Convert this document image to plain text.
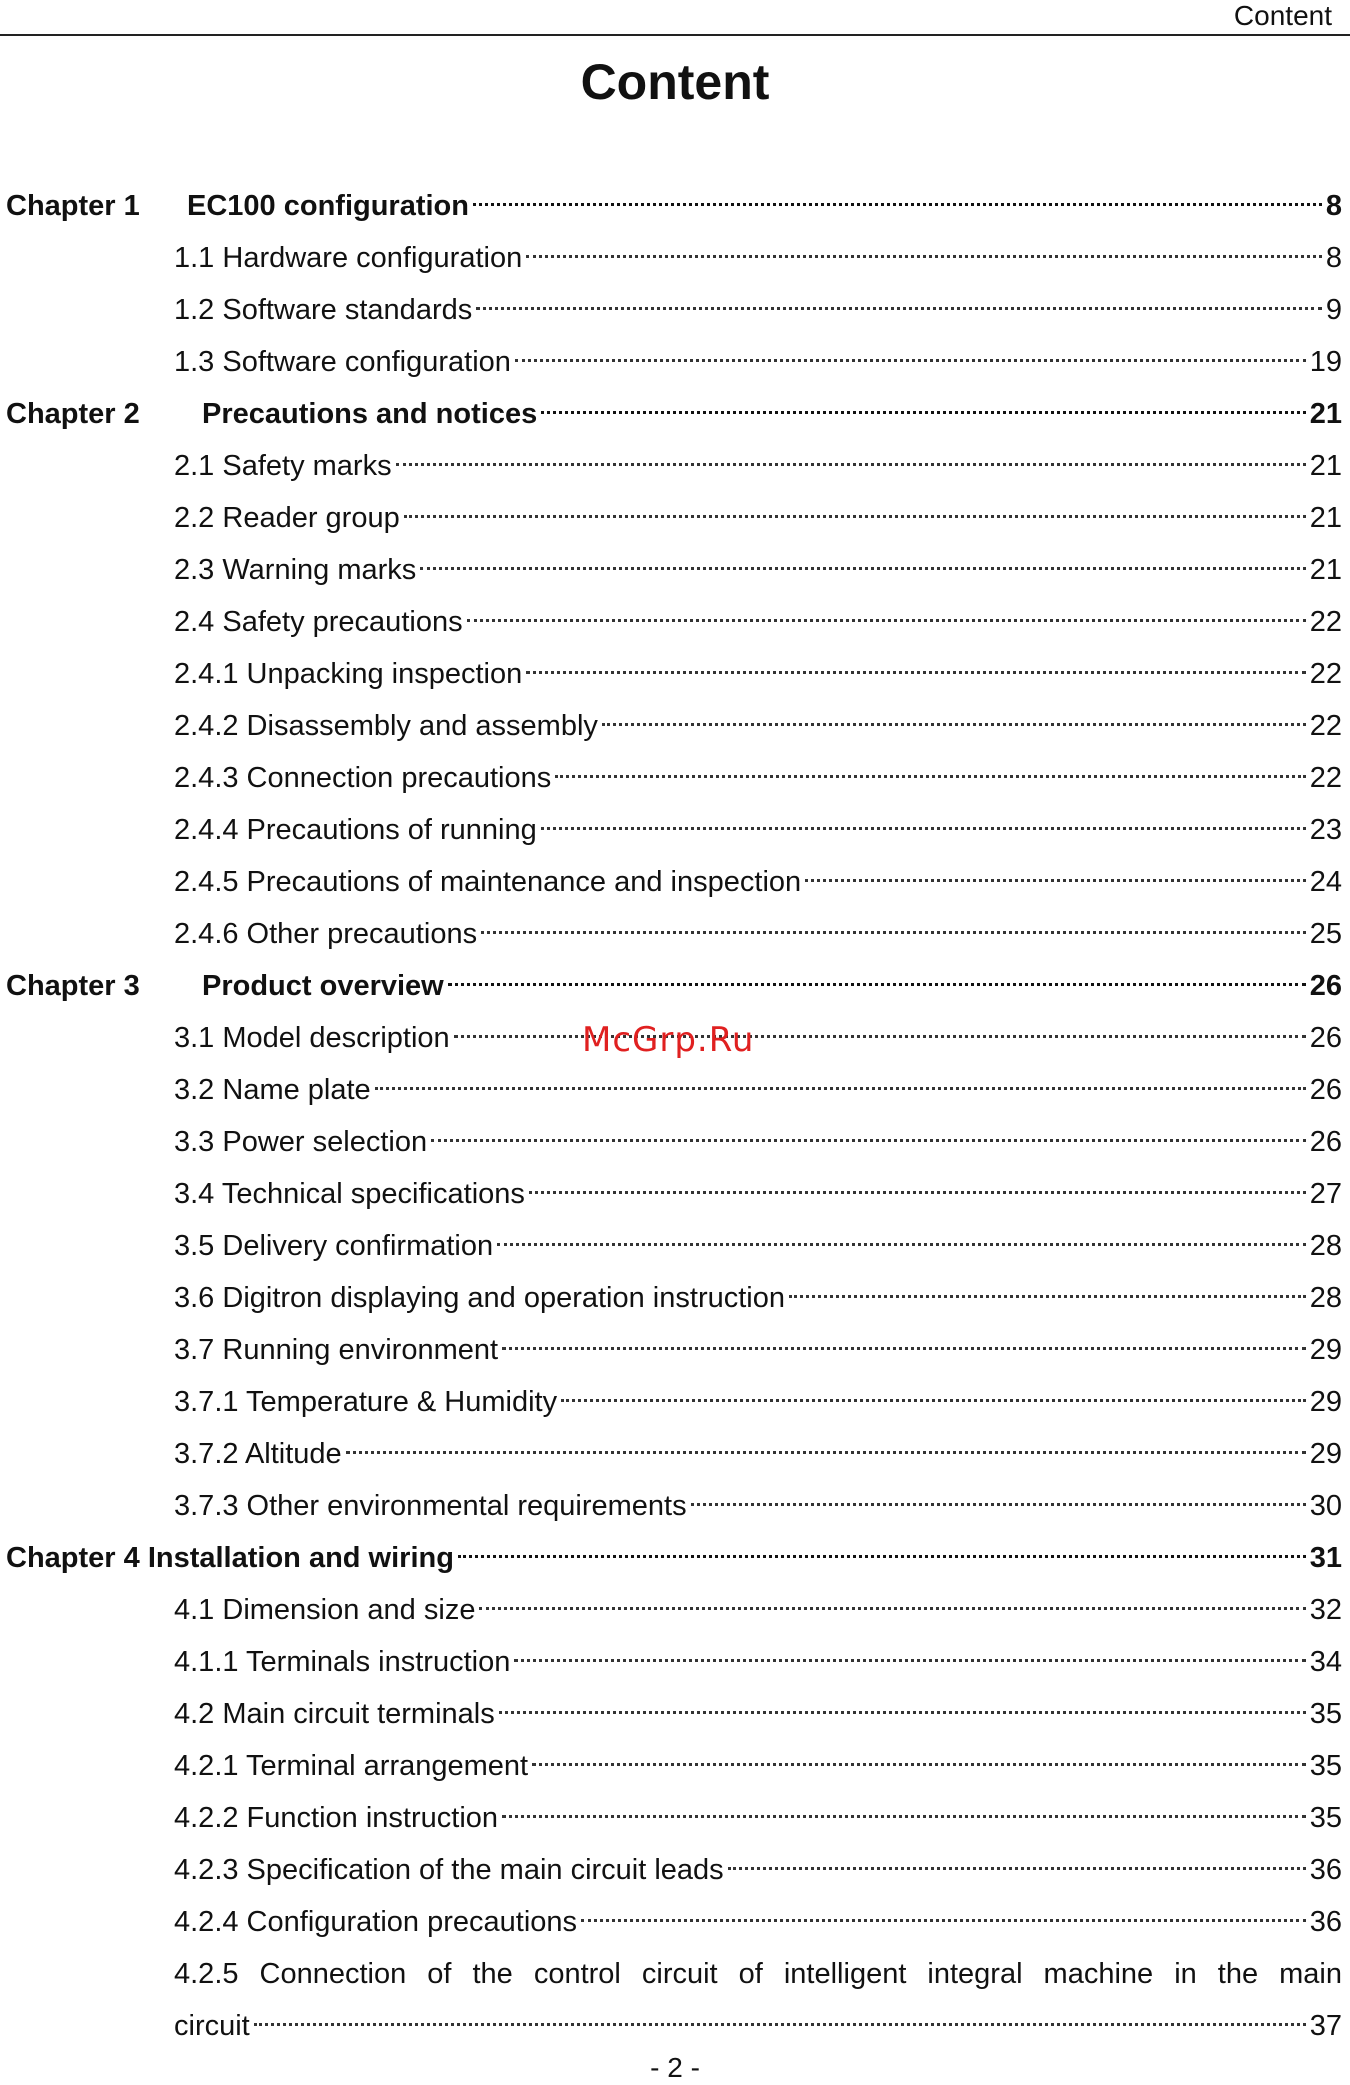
Content
Content
Chapter 1 EC100 configuration	8
1.1 Hardware configuration	8
1.2 Software standards	9
1.3 Software configuration	19
Chapter 2 Precautions and notices	21
2.1 Safety marks	21
2.2 Reader group	21
2.3 Warning marks	21
2.4 Safety precautions	22
2.4.1 Unpacking inspection	22
2.4.2 Disassembly and assembly	22
2.4.3 Connection precautions	22
2.4.4 Precautions of running	23
2.4.5 Precautions of maintenance and inspection	24
2.4.6 Other precautions	25
Chapter 3 Product overview	26
3.1 Model description	26
3.2 Name plate	26
3.3 Power selection	26
3.4 Technical specifications	27
3.5 Delivery confirmation	28
3.6 Digitron displaying and operation instruction	28
3.7 Running environment	29
3.7.1 Temperature & Humidity	29
3.7.2 Altitude	29
3.7.3 Other environmental requirements	30
Chapter 4 Installation and wiring	31
4.1 Dimension and size	32
4.1.1 Terminals instruction	34
4.2 Main circuit terminals	35
4.2.1 Terminal arrangement	35
4.2.2 Function instruction	35
4.2.3 Specification of the main circuit leads	36
4.2.4 Configuration precautions	36
4.2.5 Connection of the control circuit of intelligent integral machine in the main
circuit	37
McGrp.Ru
- 2 -
